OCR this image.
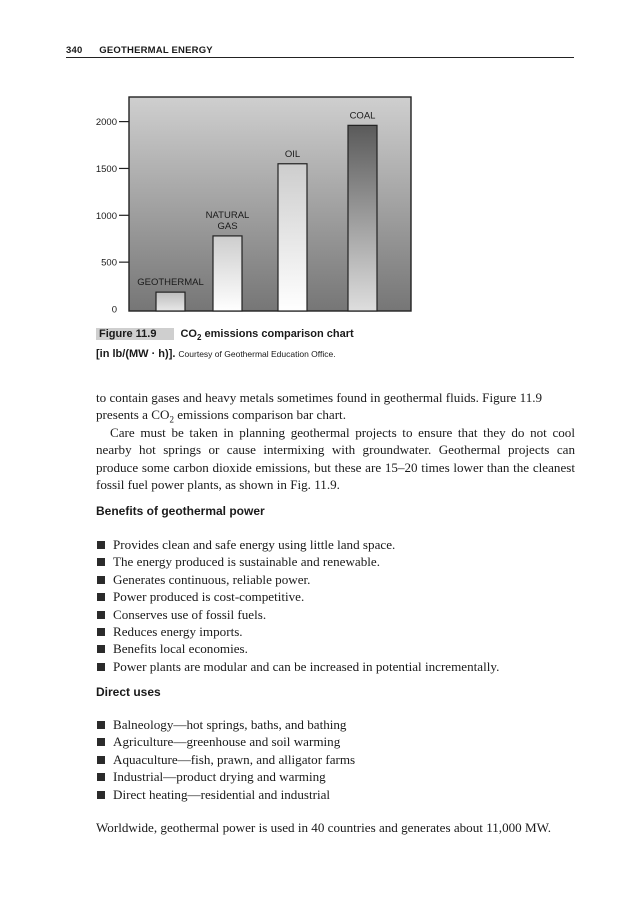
340 GEOTHERMAL ENERGY
0
500
1000
1500
2000
GEOTHERMAL
NATURAL GAS
OIL
COAL
Figure 11.9 $CO_2$ emissions comparison chart
[in lb/(MW · h)]. Courtesy of Geothermal Education Office.
to contain gases and heavy metals sometimes found in geothermal fluids. Figure 11.9
presents a $CO_2$ emissions comparison bar chart.
Care must be taken in planning geothermal projects to ensure that they do not cool nearby hot springs or cause intermixing with groundwater. Geothermal projects can produce some carbon dioxide emissions, but these are 15–20 times lower than the cleanest fossil fuel power plants, as shown in Fig. 11.9.
Benefits of geothermal power
Provides clean and safe energy using little land space.
The energy produced is sustainable and renewable.
Generates continuous, reliable power.
Power produced is cost-competitive.
Conserves use of fossil fuels.
Reduces energy imports.
Benefits local economies.
Power plants are modular and can be increased in potential incrementally.
Direct uses
Balneology—hot springs, baths, and bathing
Agriculture—greenhouse and soil warming
Aquaculture—fish, prawn, and alligator farms
Industrial—product drying and warming
Direct heating—residential and industrial
Worldwide, geothermal power is used in 40 countries and generates about 11,000 MW.
